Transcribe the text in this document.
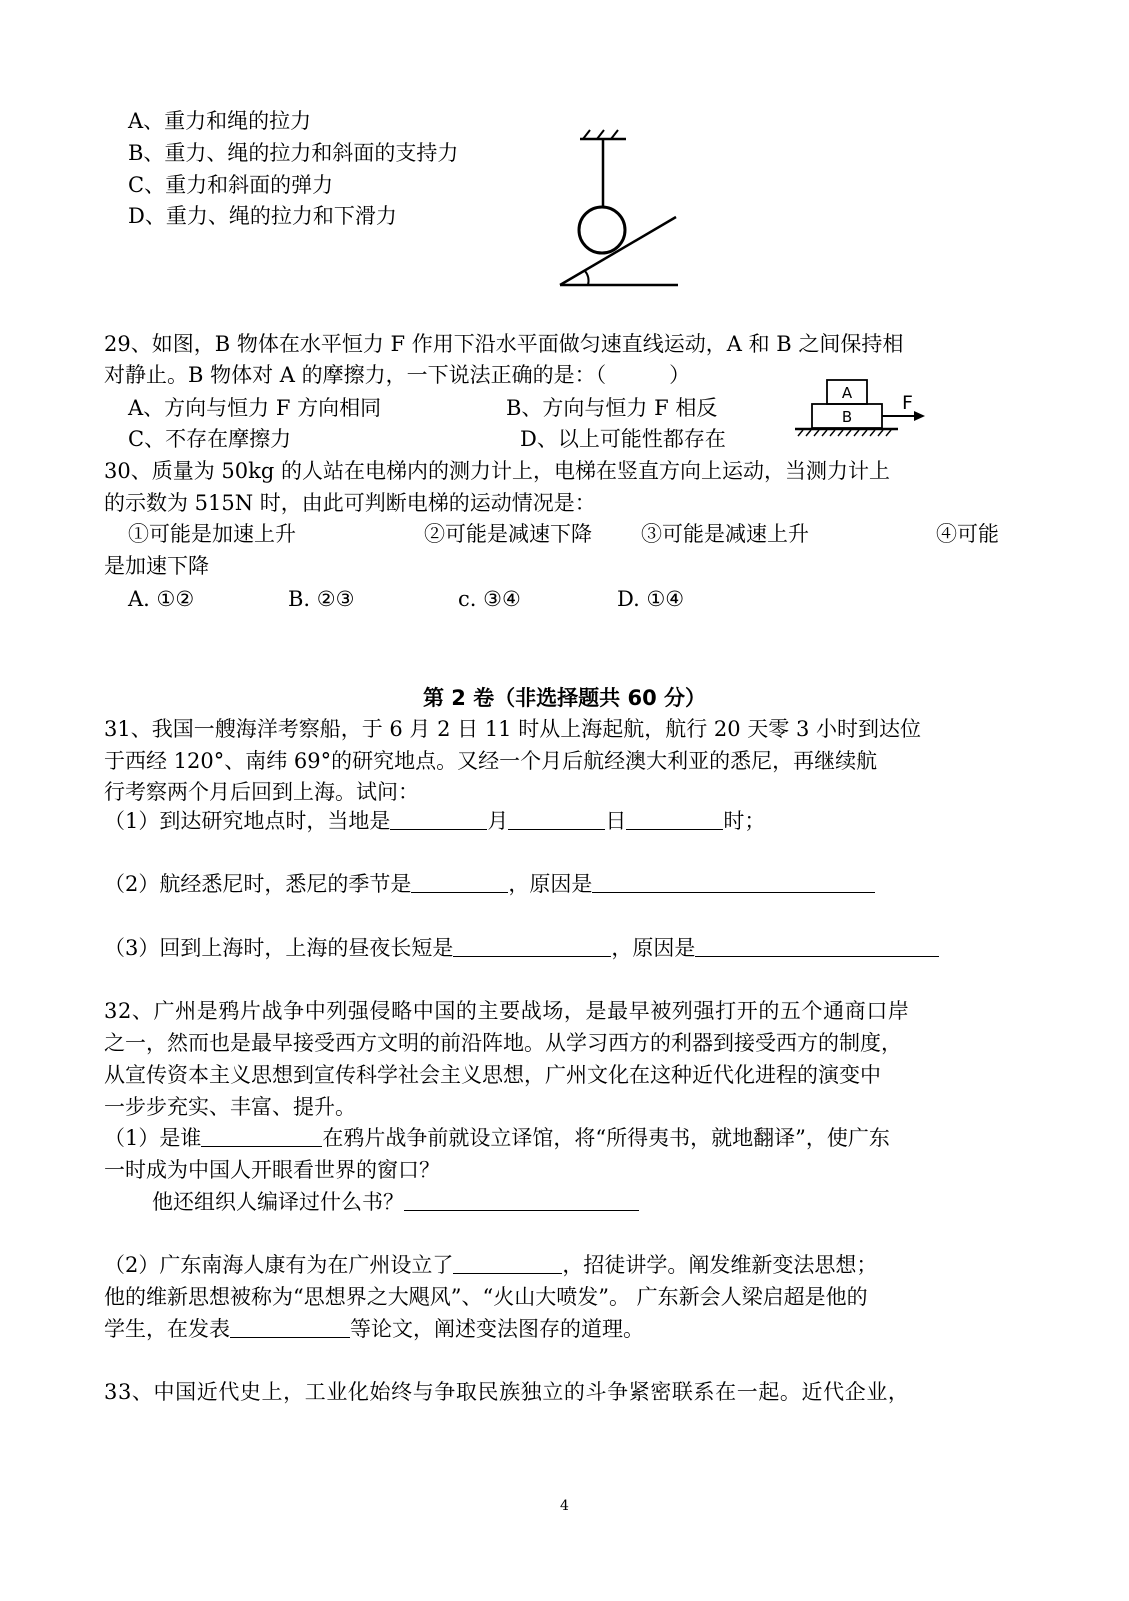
A、重力和绳的拉力
B、重力、绳的拉力和斜面的支持力
C、重力和斜面的弹力
D、重力、绳的拉力和下滑力
29、如图，B 物体在水平恒力 F 作用下沿水平面做匀速直线运动，A 和 B 之间保持相
对静止。B 物体对 A 的摩擦力，一下说法正确的是：（　　　）
A、方向与恒力 F 方向相同	B、方向与恒力 F 相反
C、不存在摩擦力	D、以上可能性都存在
A
B
F
30、质量为 50kg 的人站在电梯内的测力计上，电梯在竖直方向上运动，当测力计上
的示数为 515N 时，由此可判断电梯的运动情况是：
①可能是加速上升	②可能是减速下降 ③可能是减速上升	④可能
是加速下降
A. ①②	B. ②③	c. ③④	D. ①④
第 2 卷（非选择题共 60 分）
31、我国一艘海洋考察船，于 6 月 2 日 11 时从上海起航，航行 20 天零 3 小时到达位
于西经 120°、南纬 69°的研究地点。又经一个月后航经澳大利亚的悉尼，再继续航
行考察两个月后回到上海。试问：
（1）到达研究地点时，当地是	月	日	时；
（2）航经悉尼时，悉尼的季节是	，原因是
（3）回到上海时，上海的昼夜长短是	，原因是
32、广州是鸦片战争中列强侵略中国的主要战场，是最早被列强打开的五个通商口岸
之一，然而也是最早接受西方文明的前沿阵地。从学习西方的利器到接受西方的制度，
从宣传资本主义思想到宣传科学社会主义思想，广州文化在这种近代化进程的演变中
一步步充实、丰富、提升。
（1）是谁	在鸦片战争前就设立译馆，将“所得夷书，就地翻译”，使广东
一时成为中国人开眼看世界的窗口？
他还组织人编译过什么书？
（2）广东南海人康有为在广州设立了	，招徒讲学。阐发维新变法思想；
他的维新思想被称为“思想界之大飓风”、“火山大喷发”。 广东新会人梁启超是他的
学生，在发表	等论文，阐述变法图存的道理。
33、中国近代史上，工业化始终与争取民族独立的斗争紧密联系在一起。近代企业，
4
